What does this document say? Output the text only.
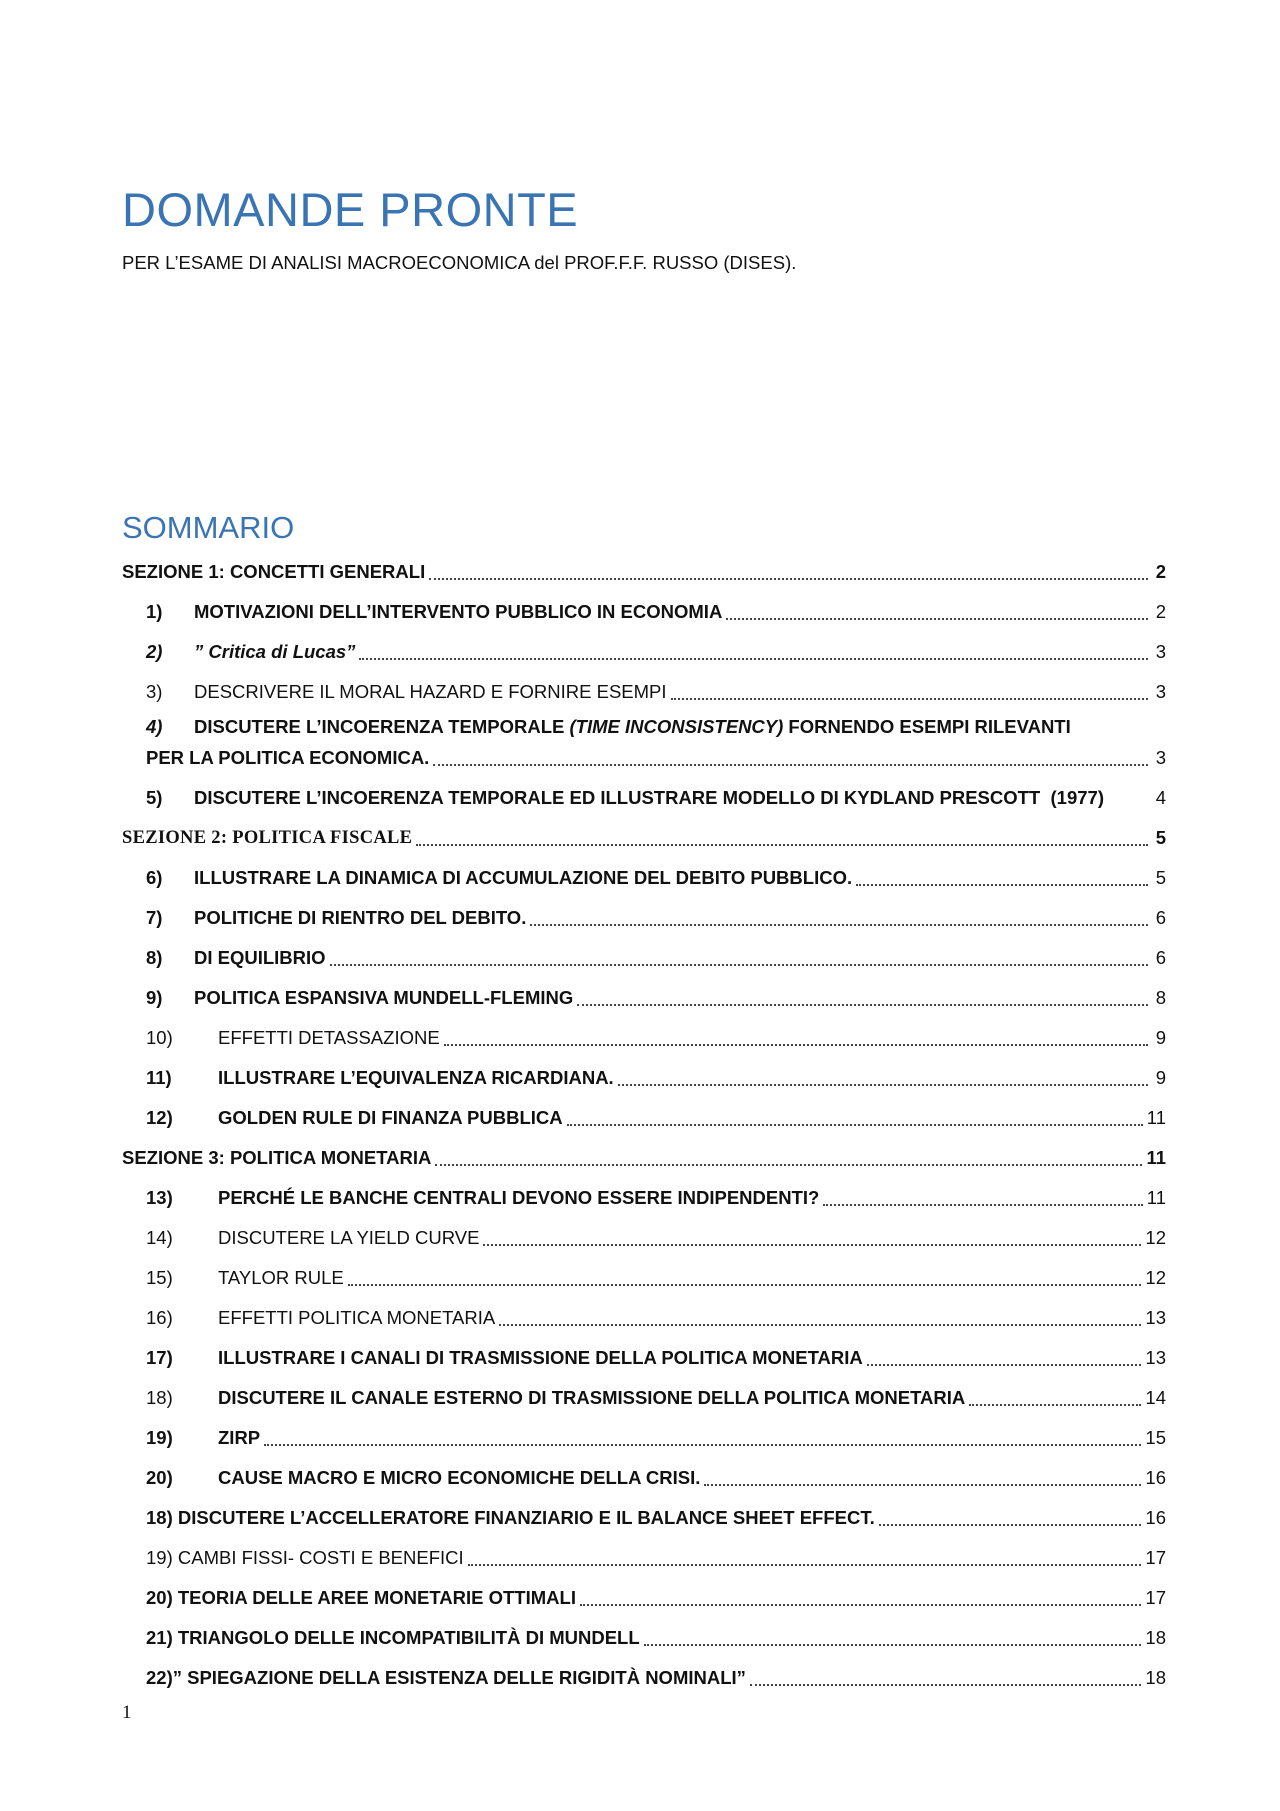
DOMANDE PRONTE

PER L’ESAME DI ANALISI MACROECONOMICA del PROF.F.F. RUSSO (DISES).

SOMMARIO
SEZIONE 1: CONCETTI GENERALI	2
1)	MOTIVAZIONI DELL’INTERVENTO PUBBLICO IN ECONOMIA	2
2)	” Critica di Lucas”	3
3)	DESCRIVERE IL MORAL HAZARD E FORNIRE ESEMPI	3
4)	DISCUTERE L’INCOERENZA TEMPORALE (TIME INCONSISTENCY) FORNENDO ESEMPI RILEVANTI
PER LA POLITICA ECONOMICA.	3
5)	DISCUTERE L’INCOERENZA TEMPORALE ED ILLUSTRARE MODELLO DI KYDLAND PRESCOTT  (1977)	4
SEZIONE 2: POLITICA FISCALE	5
6)	ILLUSTRARE LA DINAMICA DI ACCUMULAZIONE DEL DEBITO PUBBLICO.	5
7)	POLITICHE DI RIENTRO DEL DEBITO.	6
8)	DI EQUILIBRIO	6
9)	POLITICA ESPANSIVA MUNDELL-FLEMING	8
10)	EFFETTI DETASSAZIONE	9
11)	ILLUSTRARE L’EQUIVALENZA RICARDIANA.	9
12)	GOLDEN RULE DI FINANZA PUBBLICA	11
SEZIONE 3: POLITICA MONETARIA	11
13)	PERCHÉ LE BANCHE CENTRALI DEVONO ESSERE INDIPENDENTI?	11
14)	DISCUTERE LA YIELD CURVE	12
15)	TAYLOR RULE	12
16)	EFFETTI POLITICA MONETARIA	13
17)	ILLUSTRARE I CANALI DI TRASMISSIONE DELLA POLITICA MONETARIA	13
18)	DISCUTERE IL CANALE ESTERNO DI TRASMISSIONE DELLA POLITICA MONETARIA	14
19)	ZIRP	15
20)	CAUSE MACRO E MICRO ECONOMICHE DELLA CRISI.	16
18) DISCUTERE L’ACCELLERATORE FINANZIARIO E IL BALANCE SHEET EFFECT.	16
19) CAMBI FISSI- COSTI E BENEFICI	17
20) TEORIA DELLE AREE MONETARIE OTTIMALI	17
21) TRIANGOLO DELLE INCOMPATIBILITÀ DI MUNDELL	18
22)” SPIEGAZIONE DELLA ESISTENZA DELLE RIGIDITÀ NOMINALI”	18
1
